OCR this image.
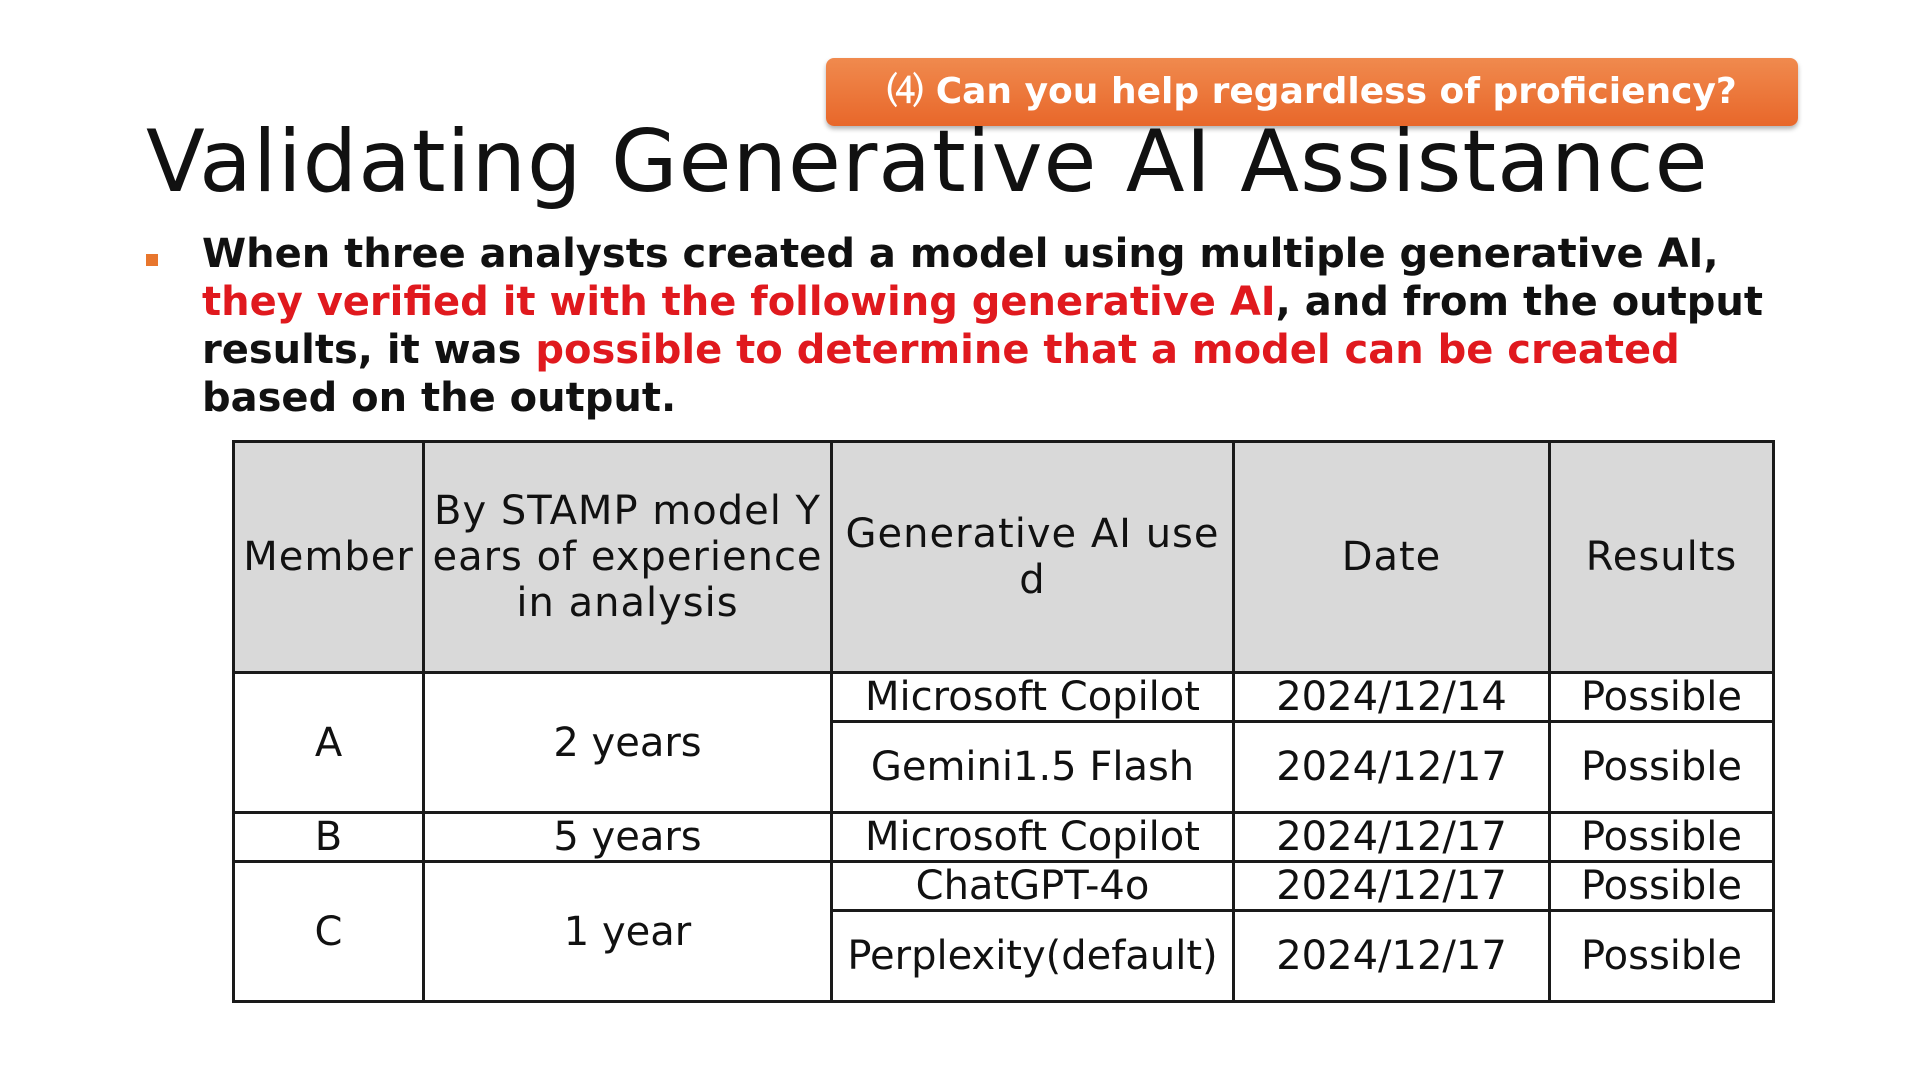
⑷ Can you help regardless of proficiency?
Validating Generative AI Assistance

When three analysts created a model using multiple generative AI, they verified it with the following generative AI, and from the output results, it was possible to determine that a model can be created based on the output.

Member	By STAMP model Years of experience in analysis	Generative AI used	Date	Results
A	2 years	Microsoft Copilot	2024/12/14	Possible
		Gemini1.5 Flash	2024/12/17	Possible
B	5 years	Microsoft Copilot	2024/12/17	Possible
C	1 year	ChatGPT-4o	2024/12/17	Possible
		Perplexity(default)	2024/12/17	Possible
